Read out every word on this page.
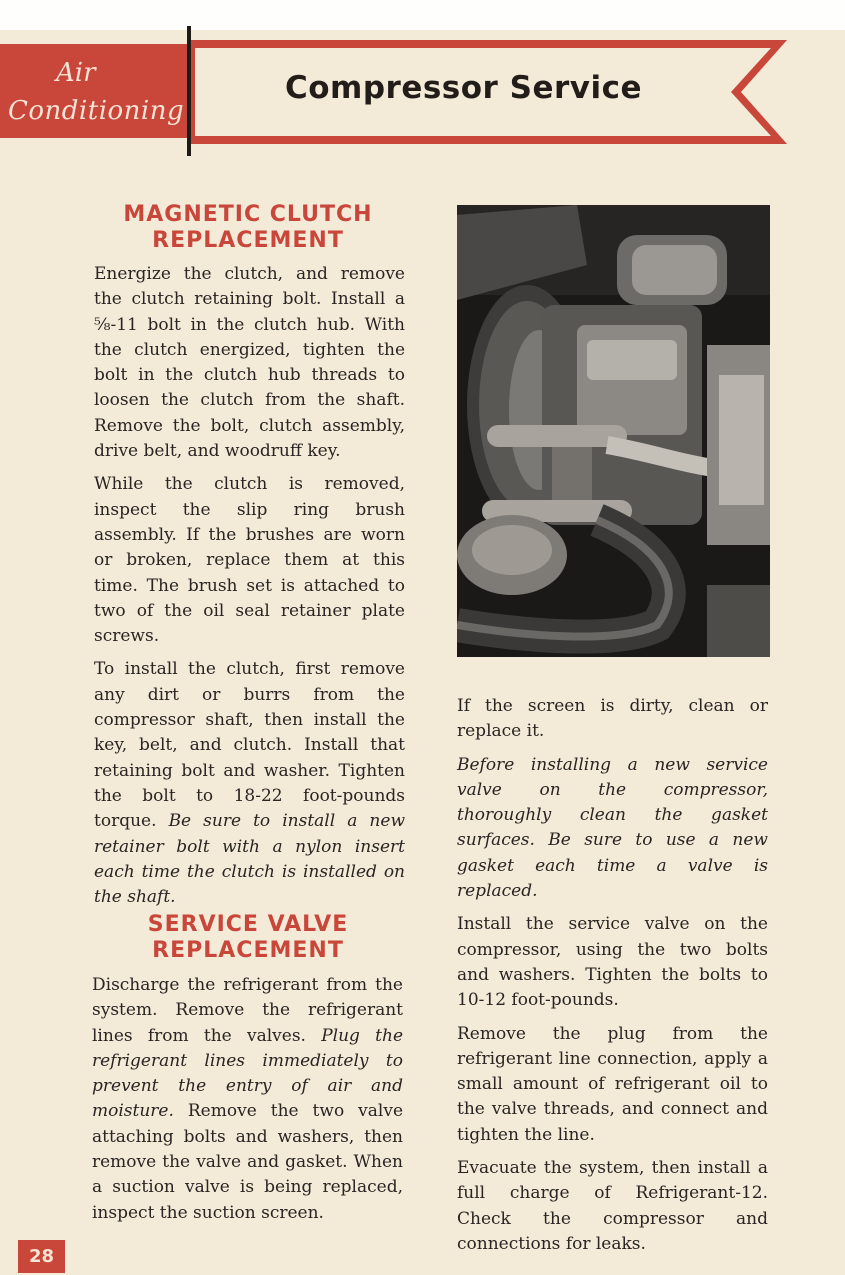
Air
Conditioning
Compressor Service
MAGNETIC CLUTCH
REPLACEMENT

Energize the clutch, and remove the clutch retaining bolt. Install a ⅝-11 bolt in the clutch hub. With the clutch energized, tighten the bolt in the clutch hub threads to loosen the clutch from the shaft. Remove the bolt, clutch assembly, drive belt, and woodruff key.

While the clutch is removed, inspect the slip ring brush assembly. If the brushes are worn or broken, replace them at this time. The brush set is attached to two of the oil seal retainer plate screws.

To install the clutch, first remove any dirt or burrs from the compressor shaft, then install the key, belt, and clutch. Install that retaining bolt and washer. Tighten the bolt to 18-22 foot-pounds torque. Be sure to install a new retainer bolt with a nylon insert each time the clutch is installed on the shaft.

SERVICE VALVE
REPLACEMENT

Discharge the refrigerant from the system. Remove the refrigerant lines from the valves. Plug the refrigerant lines immediately to prevent the entry of air and moisture. Remove the two valve attaching bolts and washers, then remove the valve and gasket. When a suction valve is being replaced, inspect the suction screen.

If the screen is dirty, clean or replace it.

Before installing a new service valve on the compressor, thoroughly clean the gasket surfaces. Be sure to use a new gasket each time a valve is replaced.

Install the service valve on the compressor, using the two bolts and washers. Tighten the bolts to 10-12 foot-pounds.

Remove the plug from the refrigerant line connection, apply a small amount of refrigerant oil to the valve threads, and connect and tighten the line.

Evacuate the system, then install a full charge of Refrigerant-12. Check the compressor and connections for leaks.

28
